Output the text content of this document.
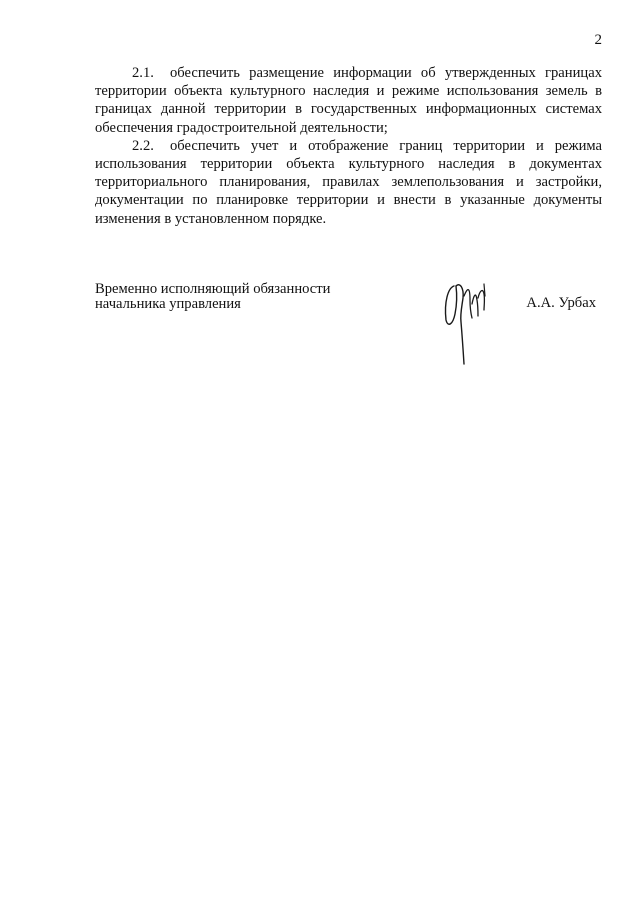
2

2.1. обеспечить размещение информации об утвержденных границах территории объекта культурного наследия и режиме использования земель в границах данной территории в государственных информационных системах обеспечения градостроительной деятельности;

2.2. обеспечить учет и отображение границ территории и режима использования территории объекта культурного наследия в документах территориального планирования, правилах землепользования и застройки, документации по планировке территории и внести в указанные документы изменения в установленном порядке.

Временно исполняющий обязанности
начальника управления	А.А. Урбах
